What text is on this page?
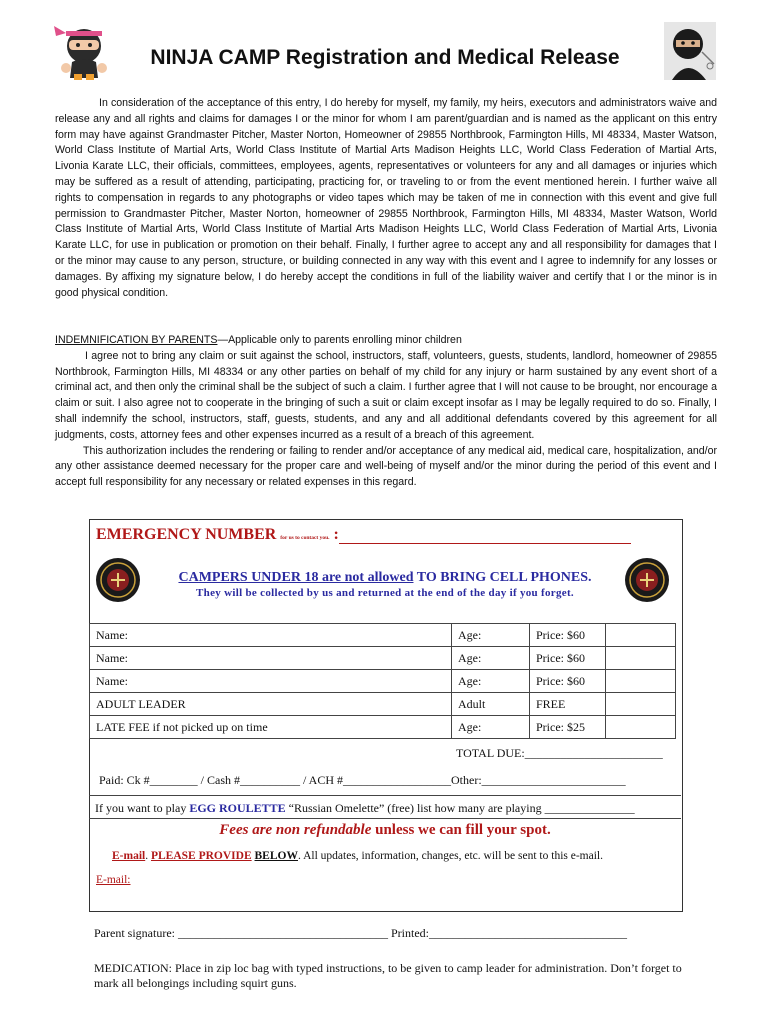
NINJA CAMP Registration and Medical Release
In consideration of the acceptance of this entry, I do hereby for myself, my family, my heirs, executors and administrators waive and release any and all rights and claims for damages I or the minor for whom I am parent/guardian and is named as the applicant on this entry form may have against Grandmaster Pitcher, Master Norton, Homeowner of 29855 Northbrook, Farmington Hills, MI 48334, Master Watson, World Class Institute of Martial Arts, World Class Institute of Martial Arts Madison Heights LLC, World Class Federation of Martial Arts, Livonia Karate LLC, their officials, committees, employees, agents, representatives or volunteers for any and all damages or injuries which may be suffered as a result of attending, participating, practicing for, or traveling to or from the event mentioned herein. I further waive all rights to compensation in regards to any photographs or video tapes which may be taken of me in connection with this event and give full permission to Grandmaster Pitcher, Master Norton, homeowner of 29855 Northbrook, Farmington Hills, MI 48334, Master Watson, World Class Institute of Martial Arts, World Class Institute of Martial Arts Madison Heights LLC, World Class Federation of Martial Arts, Livonia Karate LLC, for use in publication or promotion on their behalf. Finally, I further agree to accept any and all responsibility for damages that I or the minor may cause to any person, structure, or building connected in any way with this event and I agree to indemnify for any losses or damages. By affixing my signature below, I do hereby accept the conditions in full of the liability waiver and certify that I or the minor is in good physical condition.
INDEMNIFICATION BY PARENTS—Applicable only to parents enrolling minor children
I agree not to bring any claim or suit against the school, instructors, staff, volunteers, guests, students, landlord, homeowner of 29855 Northbrook, Farmington Hills, MI 48334 or any other parties on behalf of my child for any injury or harm sustained by any event short of a criminal act, and then only the criminal shall be the subject of such a claim. I further agree that I will not cause to be brought, nor encourage a claim or suit. I also agree not to cooperate in the bringing of such a suit or claim except insofar as I may be legally required to do so. Finally, I shall indemnify the school, instructors, staff, guests, students, and any and all additional defendants covered by this agreement for all judgments, costs, attorney fees and other expenses incurred as a result of a breach of this agreement.
This authorization includes the rendering or failing to render and/or acceptance of any medical aid, medical care, hospitalization, and/or any other assistance deemed necessary for the proper care and well-being of myself and/or the minor during the period of this event and I accept full responsibility for any necessary or related expenses in this regard.
EMERGENCY NUMBER for us to contact you. :
CAMPERS UNDER 18 are not allowed TO BRING CELL PHONES.
They will be collected by us and returned at the end of the day if you forget.
Name:	Age:	Price: $60	
Name:	Age:	Price: $60	
Name:	Age:	Price: $60	
ADULT LEADER	Adult	FREE	
LATE FEE if not picked up on time	Age:	Price: $25	
TOTAL DUE:_______________________
Paid: Ck #________ / Cash #__________ / ACH #__________________Other:________________________
If you want to play EGG ROULETTE “Russian Omelette” (free) list how many are playing _______________
Fees are non refundable unless we can fill your spot.
E-mail. PLEASE PROVIDE BELOW. All updates, information, changes, etc. will be sent to this e-mail.
E-mail:
Parent signature: ___________________________________ Printed:_________________________________
MEDICATION: Place in zip loc bag with typed instructions, to be given to camp leader for administration. Don’t forget to mark all belongings including squirt guns.
